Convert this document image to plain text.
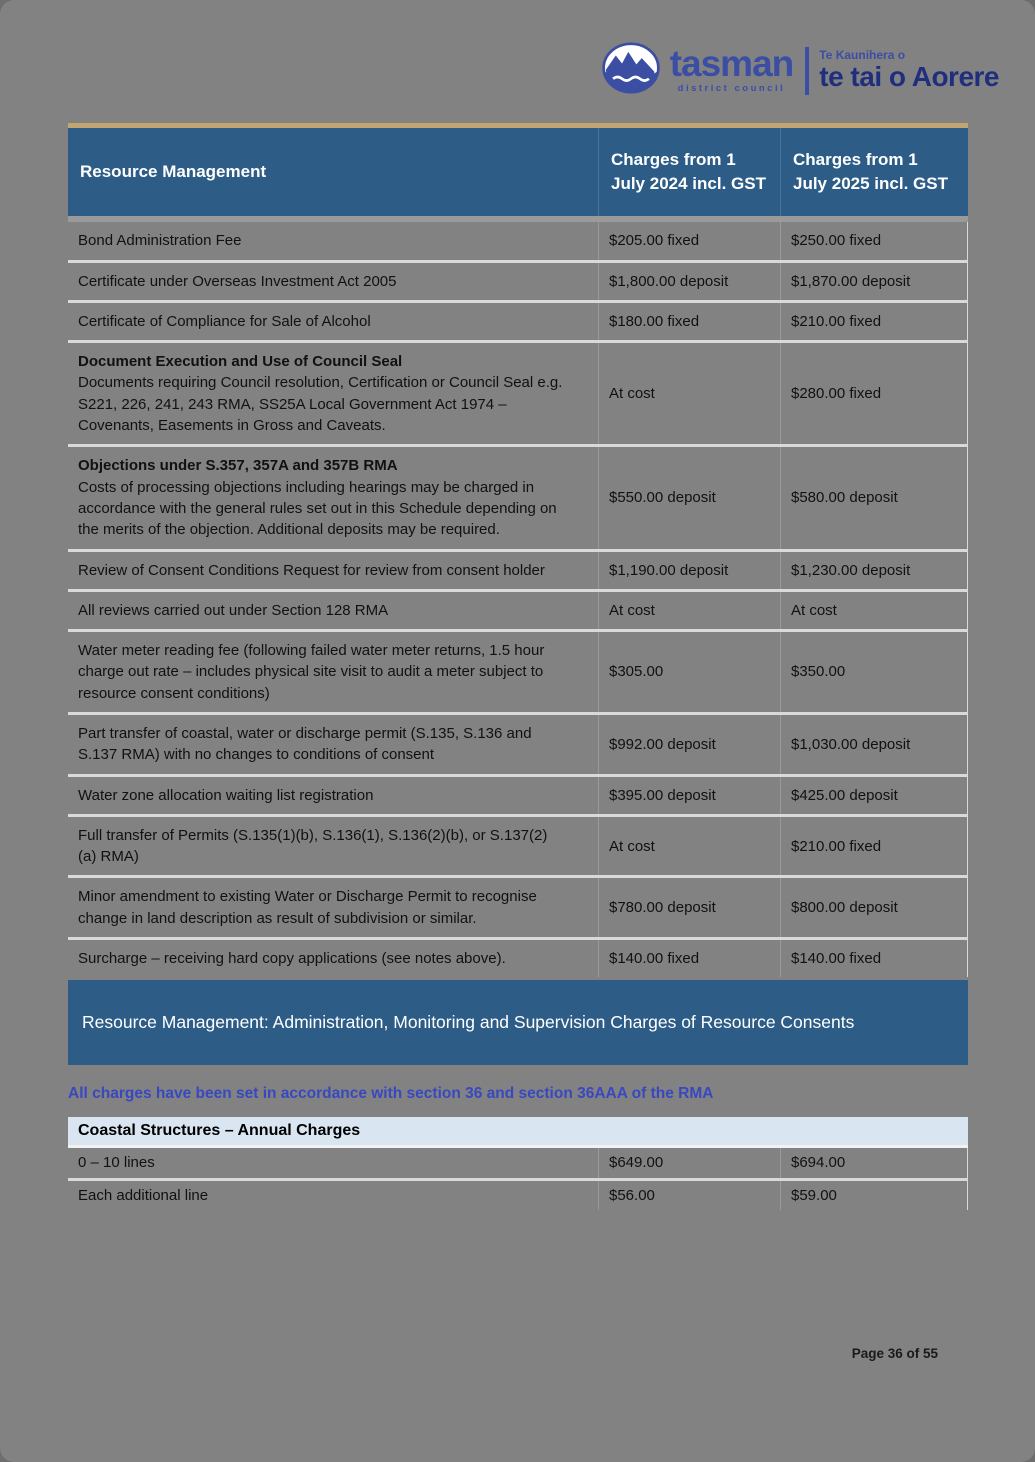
tasman
district council
Te Kaunihera o
te tai o Aorere
Resource Management
Charges from 1 July 2024 incl. GST
Charges from 1 July 2025 incl. GST
Bond Administration Fee	$205.00 fixed	$250.00 fixed
Certificate under Overseas Investment Act 2005	$1,800.00 deposit	$1,870.00 deposit
Certificate of Compliance for Sale of Alcohol	$180.00 fixed	$210.00 fixed
Document Execution and Use of Council Seal
Documents requiring Council resolution, Certification or Council Seal e.g. S221, 226, 241, 243 RMA, SS25A Local Government Act 1974 – Covenants, Easements in Gross and Caveats.
At cost	$280.00 fixed
Objections under S.357, 357A and 357B RMA
Costs of processing objections including hearings may be charged in accordance with the general rules set out in this Schedule depending on the merits of the objection. Additional deposits may be required.
$550.00 deposit	$580.00 deposit
Review of Consent Conditions Request for review from consent holder	$1,190.00 deposit	$1,230.00 deposit
All reviews carried out under Section 128 RMA	At cost	At cost
Water meter reading fee (following failed water meter returns, 1.5 hour charge out rate – includes physical site visit to audit a meter subject to resource consent conditions)
$305.00	$350.00
Part transfer of coastal, water or discharge permit (S.135, S.136 and S.137 RMA) with no changes to conditions of consent
$992.00 deposit	$1,030.00 deposit
Water zone allocation waiting list registration	$395.00 deposit	$425.00 deposit
Full transfer of Permits (S.135(1)(b), S.136(1), S.136(2)(b), or S.137(2)(a) RMA)
At cost	$210.00 fixed
Minor amendment to existing Water or Discharge Permit to recognise change in land description as result of subdivision or similar.
$780.00 deposit	$800.00 deposit
Surcharge – receiving hard copy applications (see notes above).	$140.00 fixed	$140.00 fixed
Resource Management: Administration, Monitoring and Supervision Charges of Resource Consents

All charges have been set in accordance with section 36 and section 36AAA of the RMA

Coastal Structures – Annual Charges
0 – 10 lines	$649.00	$694.00
Each additional line	$56.00	$59.00
Page 36 of 55
